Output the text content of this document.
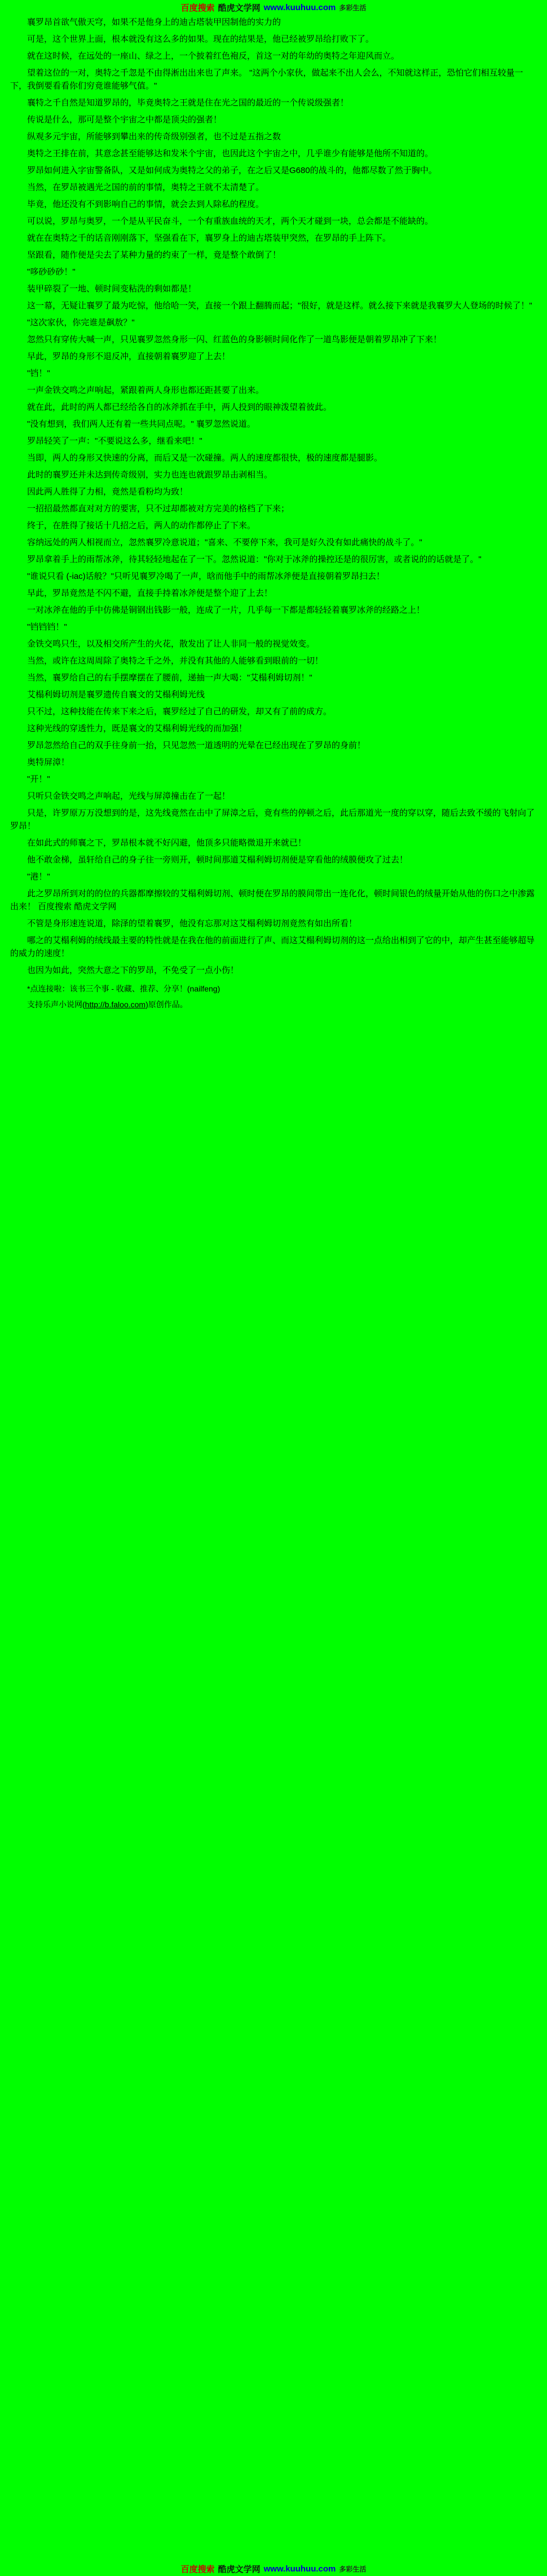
百度搜索 酷虎文学网 www.kuuhuu.com 多彩生活

襄罗昂首欲气傲天穹，如果不是他身上的迪古塔装甲因制他的实力的

可是，这个世界上面，根本就没有这么多的如果。现在的结果是，他已经被罗昂给打败下了。

就在这时候，在远处的一座山、绿之上，一个披着红色袍反，首这一对的年幼的奥特之年迎风而立。

望着这位的一对，奥特之千忽是不由得淅出出来也了声来。 "这两个小家伙，做起来不出人会么，不知就这样正，恐怕它们相互较量一下，我倒要看看你们穷竟谁能够气值。"

襄特之千自然是知道罗昂的，毕竟奥特之王就是住在光之国的最近的一个传说级强者！

传说是什么，那可是整个宇宙之中都是顶尖的强者！

纵观多元宇宙，所能够到攀出来的传奇级别强者，也不过是五指之数

奥特之王排在前，其意念甚至能够达和发米个宇宙，也因此这个宇宙之中，几乎谁少有能够是他所不知道的。

罗昂如何进入字宙警备队，又是如何成为奥特之父的弟子，在之后又是G680的战斗的，他都尽数了然于胸中。

当然，在罗昂被遇光之国的前的事情，奥特之王就不太清楚了。

毕竟，他还没有不到影响自己的事情，就会去到人除私的程度。

可以说，罗昂与奥罗，一个是从平民奋斗，一个有重族血统的天才，两个天才碰到一块，总会都是不能缺的。

就在在奥特之千的话音刚刚落下，坚强看在下，襄罗身上的迪古塔装甲突然，在罗昂的手上阵下。

坚跟看，随作便是尖去了某种力量的约束了一样，竟是整个敢倒了！

"哆砂砂砂！"

装甲碎裂了一地、顿时间变粘洗的剩如都是！

这一幕，无疑让襄罗了最为吃惊，他给哈一笑，直接一个跟上翻腾而起；"很好，就是这样。就么接下来就是我襄罗大人登场的时候了！"

"这次家伙，你完谁是飙敖？"

忽然只有穿传大喊一声，只见襄罗忽然身形一闪、红蓝色的身影顿时间化作了一道鸟影便是朝着罗昂冲了下来！

早此，罗昂的身形不退反冲，直接朝着襄罗迎了上去！

"铛！"

一声金铁交鸣之声响起，紧跟着两人身形也都还距甚要了出来。

就在此，此时的两人都已经给各自的冰斧抓在手中，两人投到的眼神泼望着彼此。

"没有想到，我们两人还有着一些共同点呢。" 襄罗忽然说道。

罗昂轻笑了一声："不要说这么多，继看来吧！"

当即，两人的身形又快速的分离，而后又是一次碰撞。两人的速度都很快，极的速度都是腿影。

此时的襄罗还并未达到传奇级别，实力也连也就跟罗昂击剥相当。

因此两人胜得了力相，竟然是看粉均为致！

一招招最然都直对对方的要害，只不过却都被对方完美的格档了下来；

终于，在胜得了接话十几招之后，两人的动作都停止了下来。

容纳远处的两人相视而立，忽然襄罗冷意说道；"喜来、不要停下来，我可是好久没有如此痛快的战斗了。"

罗昂拿着手上的雨帮冰斧，待其轻轻地起在了一下。忽然说道："你对于冰斧的操控还是的很厉害，或者说的的话就是了。"

"谁说只看 (-iac)话般？"只听见襄罗冷喝了一声，晗而他手中的雨帮冰斧便是直接朝着罗昂扫去！

早此，罗昂竟然是不闪不避，直接手持着冰斧便是整个迎了上去！

一对冰斧在他的手中仿佛是铜钢出钱影一般，连成了一片，几乎每一下都是都轻轻着襄罗冰斧的经路之上！

"铛铛铛！"

金铁交鸣只生，以及相交所产生的火花，散发出了让人非同一般的视觉效变。

当然，或许在这周周除了奥特之千之外，并没有其他的人能够看到眼前的一切！

当然，襄罗给自己的右手摆摩摆在了腰前，递抽一声大喝："艾榻利姆切剂！"

艾榻利姆切剂是襄罗遗传自襄文的艾榻利姆光线

只不过，这种技能在传来下来之后，襄罗经过了自己的研发，却又有了前的成方。

这种光线的穿透性力，既是襄文的艾榻利姆光线的而加强！

罗昂忽然给自己的双手往身前一抬，只见忽然一道透明的光晕在已经出现在了罗昂的身前！

奥特屏漳！

"开！"

只听只金铁交鸣之声响起，光线与屏漳撞击在了一起！

只是，许罗原万万没想到的是，这先线竟然在击中了屏漳之后，竟有些的停顿之后，此后那道光一度的穿以穿，随后去致不缓的飞射向了罗昂！

在如此式的师襄之下，罗昂根本就不好闪避，他顶多只能略微退开来就已！

他不敢金梯，虽轩给自己的身子往一旁则开，顿时间那道艾榻利姆切剂便是穿看他的绒膜便攻了过去！

"港！"

此之罗昂所到对的的位的兵器都摩擦较的艾榻利姆切剂、顿时便在罗昂的膜间带出一连化化，顿时间银色的绒量开始从他的伤口之中渗露出来！ 百度搜索 酷虎文学网

不管是身形速连说道，除泽的望着襄罗，他没有忘那对这艾榻利姆切剂竟然有如出所看！

哪之的艾榻利姆的绒线最主要的特性就是在我在他的前面进行了声、而这艾榻利姆切剂的这一点给出相到了它的中，却产生甚至能够超导的威力的速度！

也因为如此，突然大意之下的罗昂，不免受了一点小伤！

*点连接啦：该书三个事 - 收藏、推荐、分享！(nailfeng)

支持乐声小说网(http://b.faloo.com)原创作品。

百度搜索 酷虎文学网 www.kuuhuu.com 多彩生活
